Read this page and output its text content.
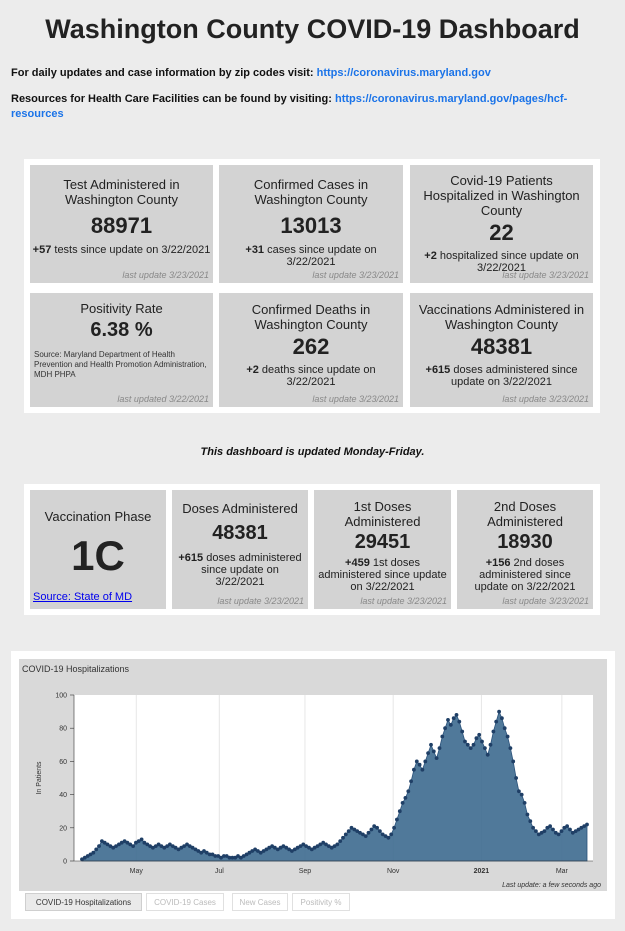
Washington County COVID-19 Dashboard
For daily updates and case information by zip codes visit: https://coronavirus.maryland.gov
Resources for Health Care Facilities can be found by visiting: https://coronavirus.maryland.gov/pages/hcf-resources
Test Administered in Washington County
88971
+57 tests since update on 3/22/2021
last update 3/23/2021
Confirmed Cases in Washington County
13013
+31 cases since update on 3/22/2021
last update 3/23/2021
Covid-19 Patients Hospitalized in Washington County
22
+2 hospitalized since update on 3/22/2021
last update 3/23/2021
Positivity Rate
6.38 %
Source: Maryland Department of Health Prevention and Health Promotion Administration, MDH PHPA
last updated 3/22/2021
Confirmed Deaths in Washington County
262
+2 deaths since update on 3/22/2021
last update 3/23/2021
Vaccinations Administered in Washington County
48381
+615 doses administered since update on 3/22/2021
last update 3/23/2021
This dashboard is updated Monday-Friday.
Vaccination Phase
1C
Source: State of MD
Doses Administered
48381
+615 doses administered since update on 3/22/2021
last update 3/23/2021
1st Doses Administered
29451
+459 1st doses administered since update on 3/22/2021
last update 3/23/2021
2nd Doses Administered
18930
+156 2nd doses administered since update on 3/22/2021
last update 3/23/2021
COVID-19 Hospitalizations
May	Jul	Sep	Nov	2021	Mar
0
20
40
60
80
100
In Patients
Last update: a few seconds ago
COVID-19 Hospitalizations	COVID-19 Cases	New Cases	Positivity %
